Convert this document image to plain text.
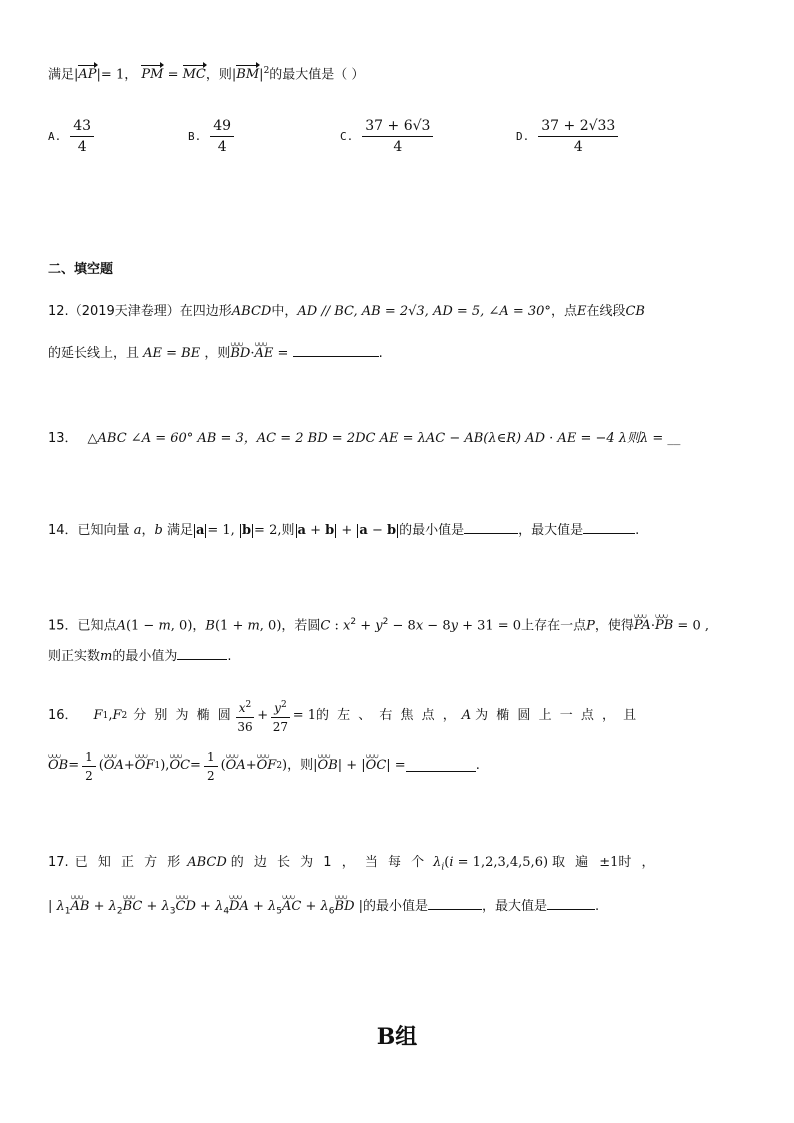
满足|AP|= 1， PM = MC，则$|BM|^2$的最大值是（ ）
A. $\frac{43}{4}$	B. $\frac{49}{4}$	C. $\frac{37 + 6√3}{4}$	D. $\frac{37 + 2√33}{4}$
二、填空题
12.（2019天津卷理）在四边形ABCD中，AD // BC, AB = 2√3, AD = 5, ∠A = 30°，点E在线段CB
的延长线上，且 AE = BE ，则∪∪∪ BD·∪∪∪ AE =	.
13． △ABC ∠A = 60° AB = 3，AC = 2 BD = 2DC AE = λAC − AB(λ∈R) AD · AE = −4 λ则λ = __
14．已知向量 a，b 满足 a = 1, b = 2,则 a + b + a − b 的最小值是	，最大值是	.
15．已知点A(1 − m, 0)，B(1 + m, 0)，若圆C : $x^2 + y^2 - 8x - 8y + 31 = 0$上存在一点P，使得∪∪∪ PA·∪∪∪ PB = 0 ,
则正实数m的最小值为	.
16． F 1 , F 2 分 别 为 椭 圆 $\frac{x^2}{36} + \frac{y^2}{27} = 1$ 的 左 、 右 焦 点 ， A 为 椭 圆 上 一 点 ， 且
∪∪∪ OB = $\frac{1}{2}$ ( ∪∪∪ OA + ∪∪∪ OF 1 ), ∪∪∪ OC = $\frac{1}{2}$ ( ∪∪∪ OA + ∪∪∪ OF 2 ) ，则 | ∪∪∪ OB | + | ∪∪∪ OC | =	.
17. 已 知 正 方 形 ABCD 的 边 长 为 1 ， 当 每 个 $\lambda_i(i = 1,2,3,4,5,6)$ 取 遍 ±1时 ，
| $\lambda_1\cup\cup\cup$ AB + $\lambda_2\cup\cup\cup$ BC + $\lambda_3\cup\cup\cup$ CD + $\lambda_4\cup\cup\cup$ DA + $\lambda_5\cup\cup\cup$ AC + $\lambda_6\cup\cup\cup$ BD |的最小值是	，最大值是	.
B组
